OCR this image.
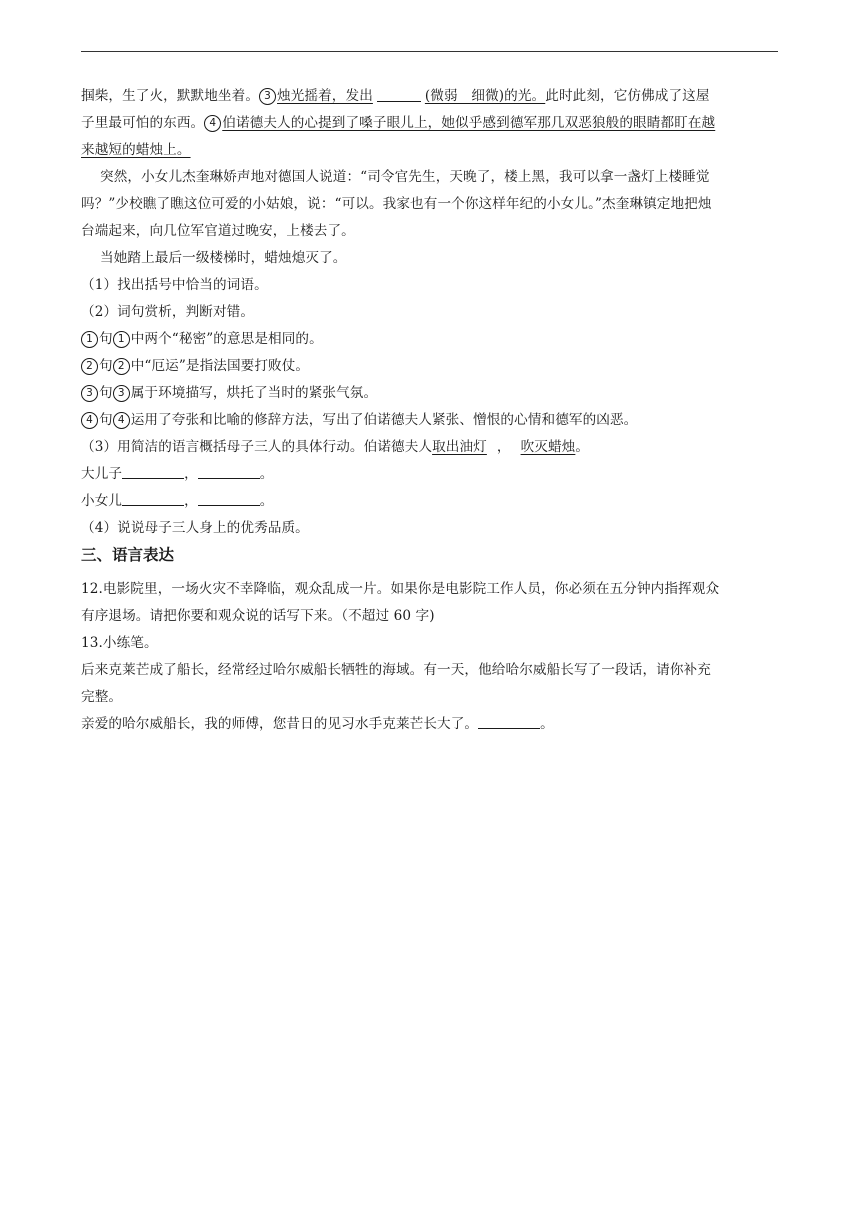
掴柴，生了火，默默地坐着。 3 烛光摇着，发出	(微弱　细微)的光。此时此刻，它仿佛成了这屋
子里最可怕的东西。 4 伯诺德夫人的心提到了嗓子眼儿上，她似乎感到德军那几双恶狼般的眼睛都盯在越
来越短的蜡烛上。
突然，小女儿杰奎琳娇声地对德国人说道：“司令官先生，天晚了，楼上黑，我可以拿一盏灯上楼睡觉
吗？”少校瞧了瞧这位可爱的小姑娘，说：“可以。我家也有一个你这样年纪的小女儿。”杰奎琳镇定地把烛
台端起来，向几位军官道过晚安，上楼去了。
当她踏上最后一级楼梯时，蜡烛熄灭了。
（1）找出括号中恰当的词语。
（2）词句赏析，判断对错。
1 句 1 中两个“秘密”的意思是相同的。
2 句 2 中“厄运”是指法国要打败仗。
3 句 3 属于环境描写，烘托了当时的紧张气氛。
4 句 4 运用了夸张和比喻的修辞方法，写出了伯诺德夫人紧张、憎恨的心情和德军的凶恶。
（3）用简洁的语言概括母子三人的具体行动。伯诺德夫人取出油灯 ， 吹灭蜡烛。
大儿子	，	。
小女儿	，	。
（4）说说母子三人身上的优秀品质。
三、语言表达
12.电影院里，一场火灾不幸降临，观众乱成一片。如果你是电影院工作人员，你必须在五分钟内指挥观众
有序退场。请把你要和观众说的话写下来。（不超过 60 字)
13.小练笔。
后来克莱芒成了船长，经常经过哈尔威船长牺牲的海域。有一天，他给哈尔威船长写了一段话，请你补充
完整。
亲爱的哈尔威船长，我的师傅，您昔日的见习水手克莱芒长大了。	。
